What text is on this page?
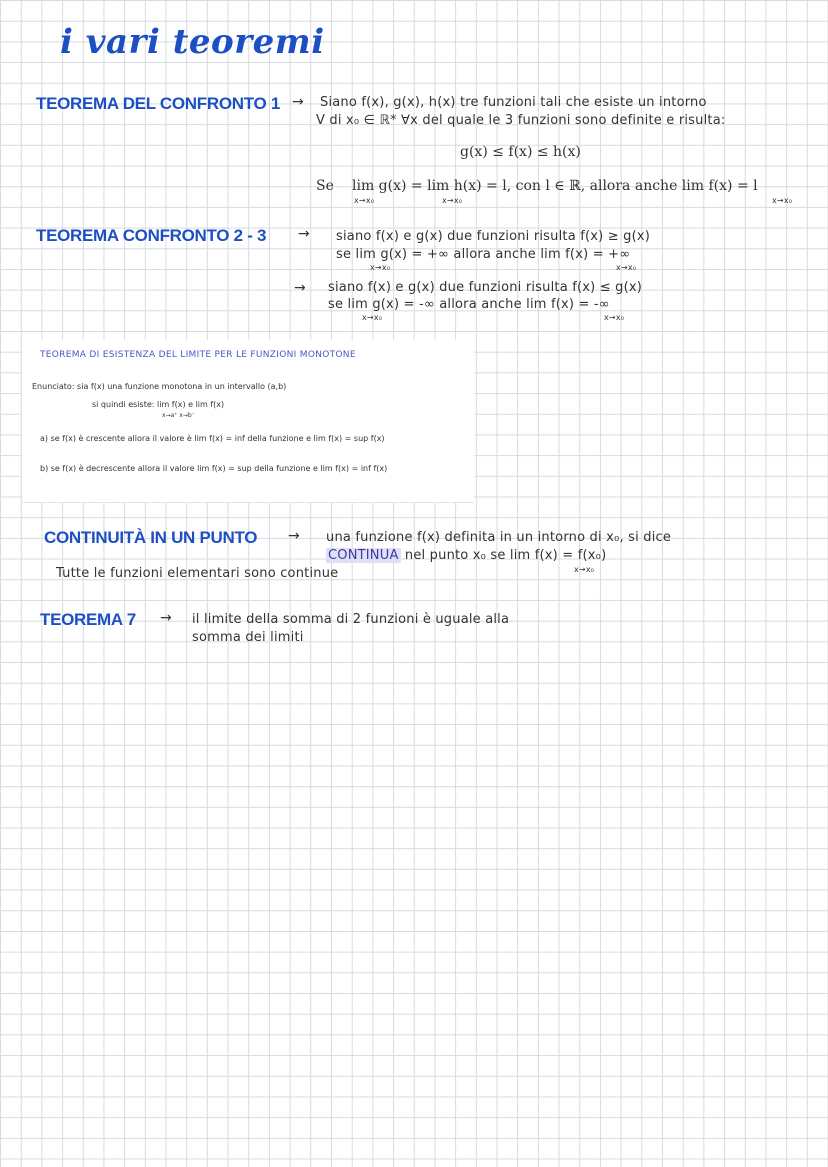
i vari teoremi
TEOREMA DEL CONFRONTO 1 → Siano f(x), g(x), h(x) tre funzioni tali che esiste un intorno
V di x₀ ∈ ℝ* ∀x del quale le 3 funzioni sono definite e risulta:
g(x) ≤ f(x) ≤ h(x)
Se lim g(x) = lim h(x) = l, con l ∈ ℝ, allora anche lim f(x) = l
x→x₀	x→x₀	x→x₀
TEOREMA CONFRONTO 2 - 3 → siano f(x) e g(x) due funzioni risulta f(x) ≥ g(x)
se lim g(x) = +∞ allora anche lim f(x) = +∞
x→x₀	x→x₀
→ siano f(x) e g(x) due funzioni risulta f(x) ≤ g(x)
se lim g(x) = -∞ allora anche lim f(x) = -∞
x→x₀	x→x₀
TEOREMA DI ESISTENZA DEL LIMITE PER LE FUNZIONI MONOTONE
Enunciato: sia f(x) una funzione monotona in un intervallo (a,b)
si quindi esiste: lim f(x) e lim f(x)
x→a⁺ x→b⁻
a) se f(x) è crescente allora il valore è lim f(x) = inf della funzione e lim f(x) = sup f(x)
b) se f(x) è decrescente allora il valore lim f(x) = sup della funzione e lim f(x) = inf f(x)
CONTINUITÀ IN UN PUNTO → una funzione f(x) definita in un intorno di x₀, si dice
CONTINUA nel punto x₀ se lim f(x) = f(x₀)
x→x₀
Tutte le funzioni elementari sono continue
TEOREMA 7 → il limite della somma di 2 funzioni è uguale alla
somma dei limiti
